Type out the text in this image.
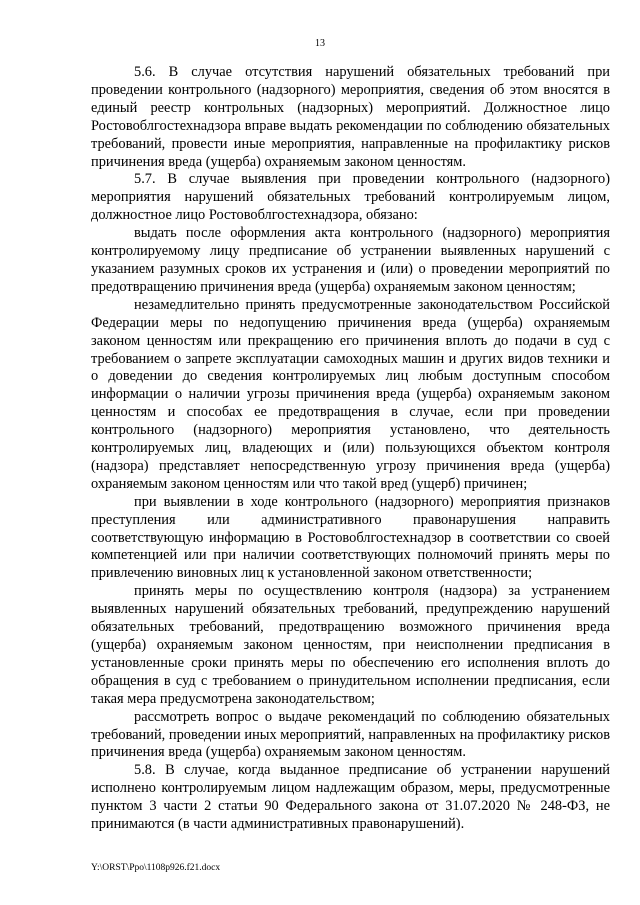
13

5.6. В случае отсутствия нарушений обязательных требований при проведении контрольного (надзорного) мероприятия, сведения об этом вносятся в единый реестр контрольных (надзорных) мероприятий. Должностное лицо Ростовоблгостехнадзора вправе выдать рекомендации по соблюдению обязательных требований, провести иные мероприятия, направленные на профилактику рисков причинения вреда (ущерба) охраняемым законом ценностям.

5.7. В случае выявления при проведении контрольного (надзорного) мероприятия нарушений обязательных требований контролируемым лицом, должностное лицо Ростовоблгостехнадзора, обязано:

выдать после оформления акта контрольного (надзорного) мероприятия контролируемому лицу предписание об устранении выявленных нарушений с указанием разумных сроков их устранения и (или) о проведении мероприятий по предотвращению причинения вреда (ущерба) охраняемым законом ценностям;

незамедлительно принять предусмотренные законодательством Российской Федерации меры по недопущению причинения вреда (ущерба) охраняемым законом ценностям или прекращению его причинения вплоть до подачи в суд с требованием о запрете эксплуатации самоходных машин и других видов техники и о доведении до сведения контролируемых лиц любым доступным способом информации о наличии угрозы причинения вреда (ущерба) охраняемым законом ценностям и способах ее предотвращения в случае, если при проведении контрольного (надзорного) мероприятия установлено, что деятельность контролируемых лиц, владеющих и (или) пользующихся объектом контроля (надзора) представляет непосредственную угрозу причинения вреда (ущерба) охраняемым законом ценностям или что такой вред (ущерб) причинен;

при выявлении в ходе контрольного (надзорного) мероприятия признаков преступления или административного правонарушения направить соответствующую информацию в Ростовоблгостехнадзор в соответствии со своей компетенцией или при наличии соответствующих полномочий принять меры по привлечению виновных лиц к установленной законом ответственности;

принять меры по осуществлению контроля (надзора) за устранением выявленных нарушений обязательных требований, предупреждению нарушений обязательных требований, предотвращению возможного причинения вреда (ущерба) охраняемым законом ценностям, при неисполнении предписания в установленные сроки принять меры по обеспечению его исполнения вплоть до обращения в суд с требованием о принудительном исполнении предписания, если такая мера предусмотрена законодательством;

рассмотреть вопрос о выдаче рекомендаций по соблюдению обязательных требований, проведении иных мероприятий, направленных на профилактику рисков причинения вреда (ущерба) охраняемым законом ценностям.

5.8. В случае, когда выданное предписание об устранении нарушений исполнено контролируемым лицом надлежащим образом, меры, предусмотренные пунктом 3 части 2 статьи 90 Федерального закона от 31.07.2020 № 248-ФЗ, не принимаются (в части административных правонарушений).

Y:\ORST\Ppo\1108p926.f21.docx
